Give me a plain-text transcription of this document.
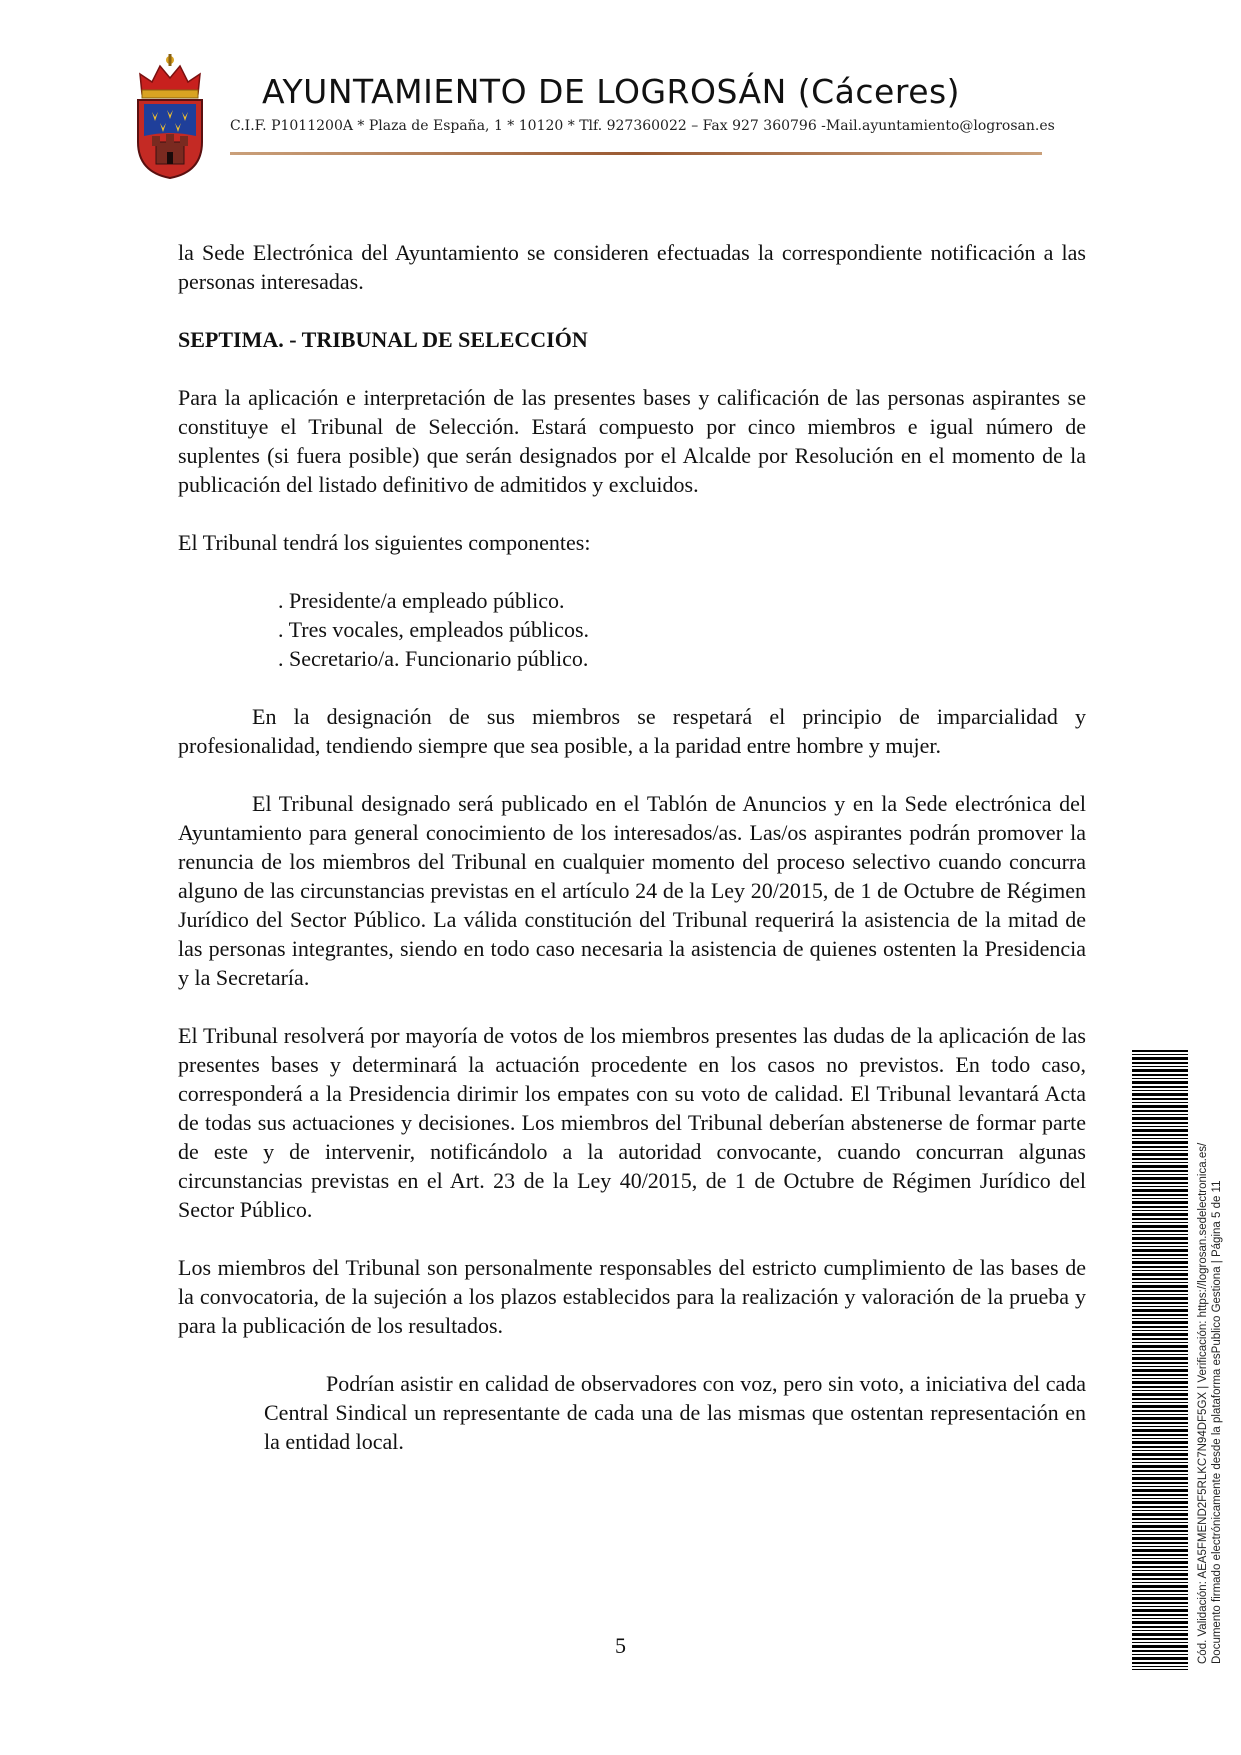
AYUNTAMIENTO DE LOGROSÁN (Cáceres)
C.I.F. P1011200A * Plaza de España, 1 * 10120 * Tlf. 927360022 – Fax 927 360796 -Mail.ayuntamiento@logrosan.es

la Sede Electrónica del Ayuntamiento se consideren efectuadas la correspondiente notificación a las personas interesadas.

SEPTIMA. - TRIBUNAL DE SELECCIÓN

Para la aplicación e interpretación de las presentes bases y calificación de las personas aspirantes se constituye el Tribunal de Selección. Estará compuesto por cinco miembros e igual número de suplentes (si fuera posible) que serán designados por el Alcalde por Resolución en el momento de la publicación del listado definitivo de admitidos y excluidos.

El Tribunal tendrá los siguientes componentes:

. Presidente/a empleado público.
. Tres vocales, empleados públicos.
. Secretario/a. Funcionario público.

En la designación de sus miembros se respetará el principio de imparcialidad y profesionalidad, tendiendo siempre que sea posible, a la paridad entre hombre y mujer.

El Tribunal designado será publicado en el Tablón de Anuncios y en la Sede electrónica del Ayuntamiento para general conocimiento de los interesados/as. Las/os aspirantes podrán promover la renuncia de los miembros del Tribunal en cualquier momento del proceso selectivo cuando concurra alguno de las circunstancias previstas en el artículo 24 de la Ley 20/2015, de 1 de Octubre de Régimen Jurídico del Sector Público. La válida constitución del Tribunal requerirá la asistencia de la mitad de las personas integrantes, siendo en todo caso necesaria la asistencia de quienes ostenten la Presidencia y la Secretaría.

El Tribunal resolverá por mayoría de votos de los miembros presentes las dudas de la aplicación de las presentes bases y determinará la actuación procedente en los casos no previstos. En todo caso, corresponderá a la Presidencia dirimir los empates con su voto de calidad. El Tribunal levantará Acta de todas sus actuaciones y decisiones. Los miembros del Tribunal deberían abstenerse de formar parte de este y de intervenir, notificándolo a la autoridad convocante, cuando concurran algunas circunstancias previstas en el Art. 23 de la Ley 40/2015, de 1 de Octubre de Régimen Jurídico del Sector Público.

Los miembros del Tribunal son personalmente responsables del estricto cumplimiento de las bases de la convocatoria, de la sujeción a los plazos establecidos para la realización y valoración de la prueba y para la publicación de los resultados.

Podrían asistir en calidad de observadores con voz, pero sin voto, a iniciativa del cada Central Sindical un representante de cada una de las mismas que ostentan representación en la entidad local.

5	Cód. Validación: AEA5FMEND2F5RLKC7N94DF5GX | Verificación: https://logrosan.sedelectronica.es/ Documento firmado electrónicamente desde la plataforma esPublico Gestiona | Página 5 de 11
